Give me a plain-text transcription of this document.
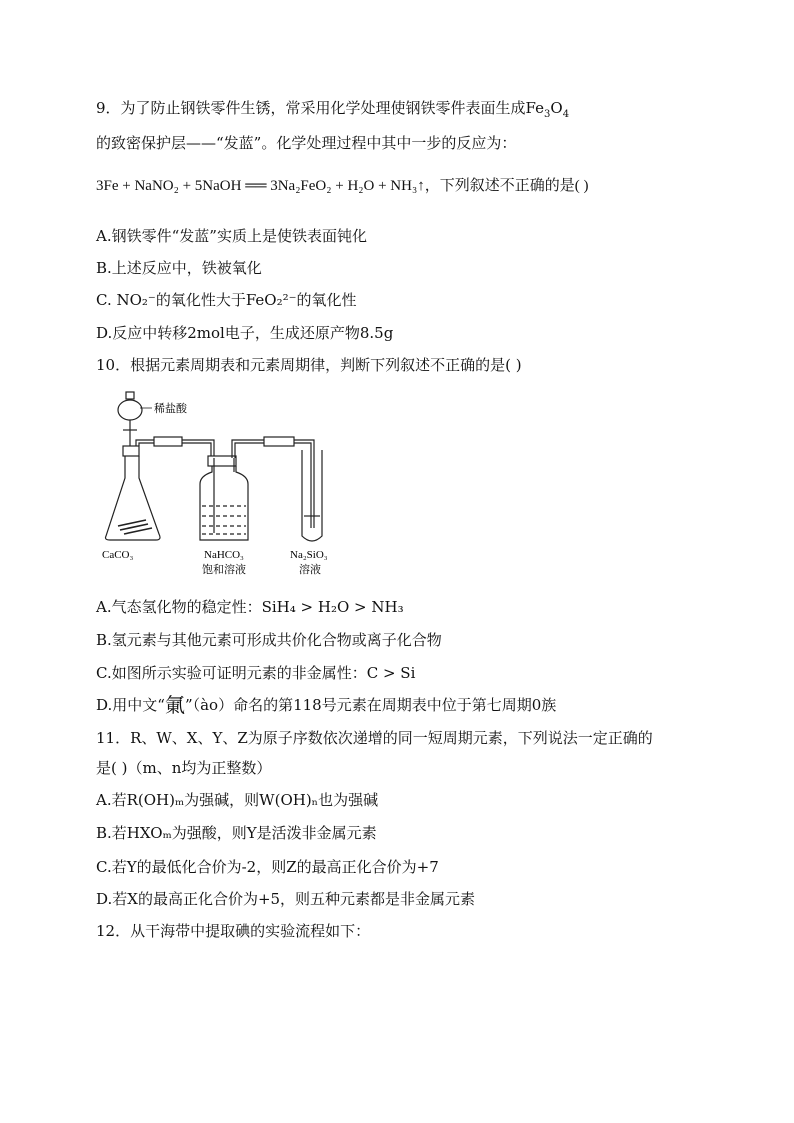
9．为了防止钢铁零件生锈，常采用化学处理使钢铁零件表面生成$Fe_3O_4$
的致密保护层——“发蓝”。化学处理过程中其中一步的反应为：
3Fe + NaNO₂ + 5NaOH ══ 3Na₂FeO₂ + H₂O + NH₃↑，下列叙述不正确的是( )
A.钢铁零件“发蓝”实质上是使铁表面钝化
B.上述反应中，铁被氧化
C. NO₂⁻的氧化性大于FeO₂²⁻的氧化性
D.反应中转移2mol电子，生成还原产物8.5g
10．根据元素周期表和元素周期律，判断下列叙述不正确的是( )
稀盐酸
CaCO₃	NaHCO₃
饱和溶液
Na₂SiO₃
溶液
A.气态氢化物的稳定性：SiH₄ > H₂O > NH₃
B.氢元素与其他元素可形成共价化合物或离子化合物
C.如图所示实验可证明元素的非金属性：C > Si
D.用中文“氭”（ào）命名的第118号元素在周期表中位于第七周期0族
11．R、W、X、Y、Z为原子序数依次递增的同一短周期元素，下列说法一定正确的
是( )（m、n均为正整数）
A.若R(OH)ₘ为强碱，则W(OH)ₙ也为强碱
B.若HXOₘ为强酸，则Y是活泼非金属元素
C.若Y的最低化合价为-2，则Z的最高正化合价为+7
D.若X的最高正化合价为+5，则五种元素都是非金属元素
12．从干海带中提取碘的实验流程如下：
